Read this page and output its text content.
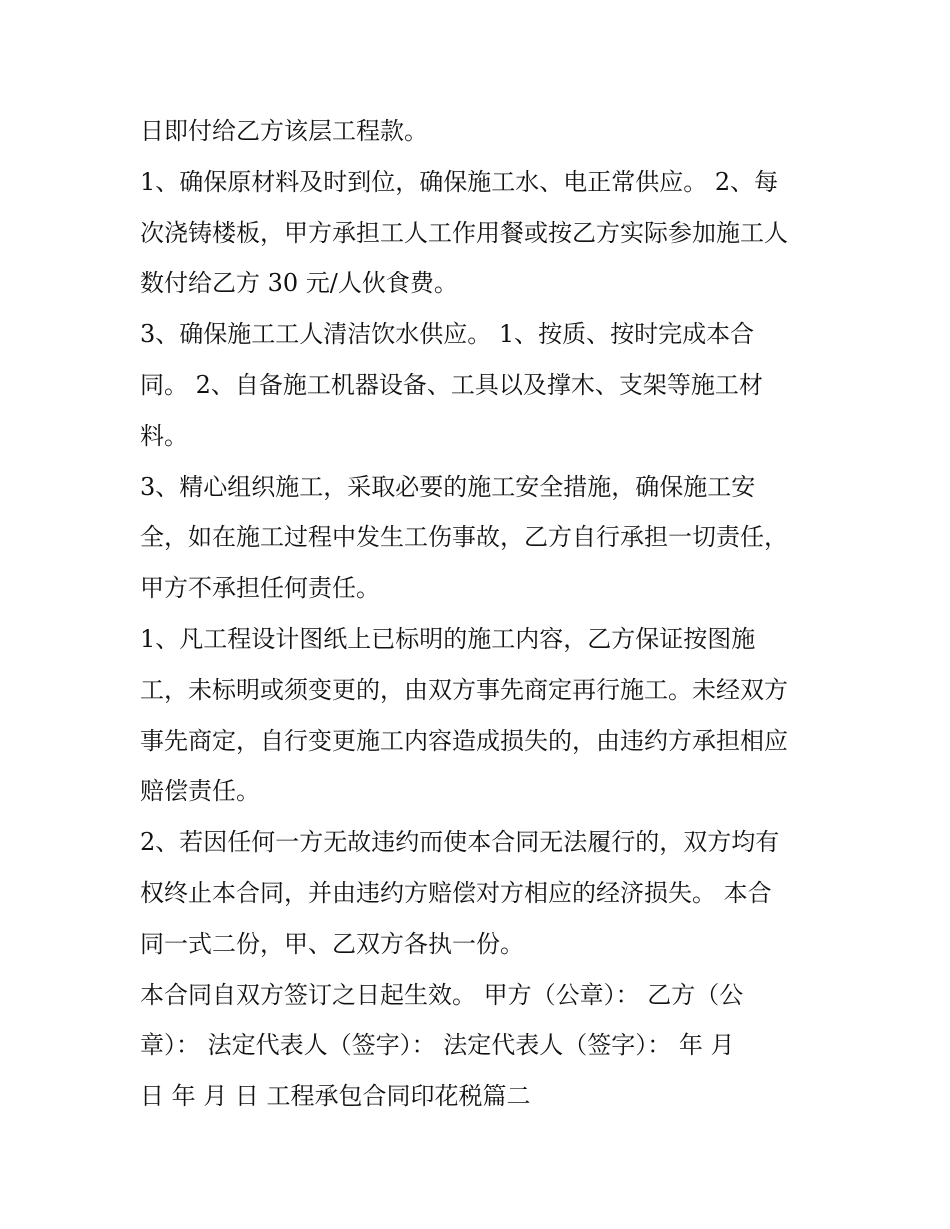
日即付给乙方该层工程款。
1、确保原材料及时到位，确保施工水、电正常供应。 2、每
次浇铸楼板，甲方承担工人工作用餐或按乙方实际参加施工人
数付给乙方 30 元/人伙食费。
3、确保施工工人清洁饮水供应。 1、按质、按时完成本合
同。 2、自备施工机器设备、工具以及撑木、支架等施工材
料。
3、精心组织施工，采取必要的施工安全措施，确保施工安
全，如在施工过程中发生工伤事故，乙方自行承担一切责任，
甲方不承担任何责任。
1、凡工程设计图纸上已标明的施工内容，乙方保证按图施
工，未标明或须变更的，由双方事先商定再行施工。未经双方
事先商定，自行变更施工内容造成损失的，由违约方承担相应
赔偿责任。
2、若因任何一方无故违约而使本合同无法履行的，双方均有
权终止本合同，并由违约方赔偿对方相应的经济损失。 本合
同一式二份，甲、乙双方各执一份。
本合同自双方签订之日起生效。 甲方（公章）： 乙方（公
章）： 法定代表人（签字）： 法定代表人（签字）： 年 月
日 年 月 日 工程承包合同印花税篇二
